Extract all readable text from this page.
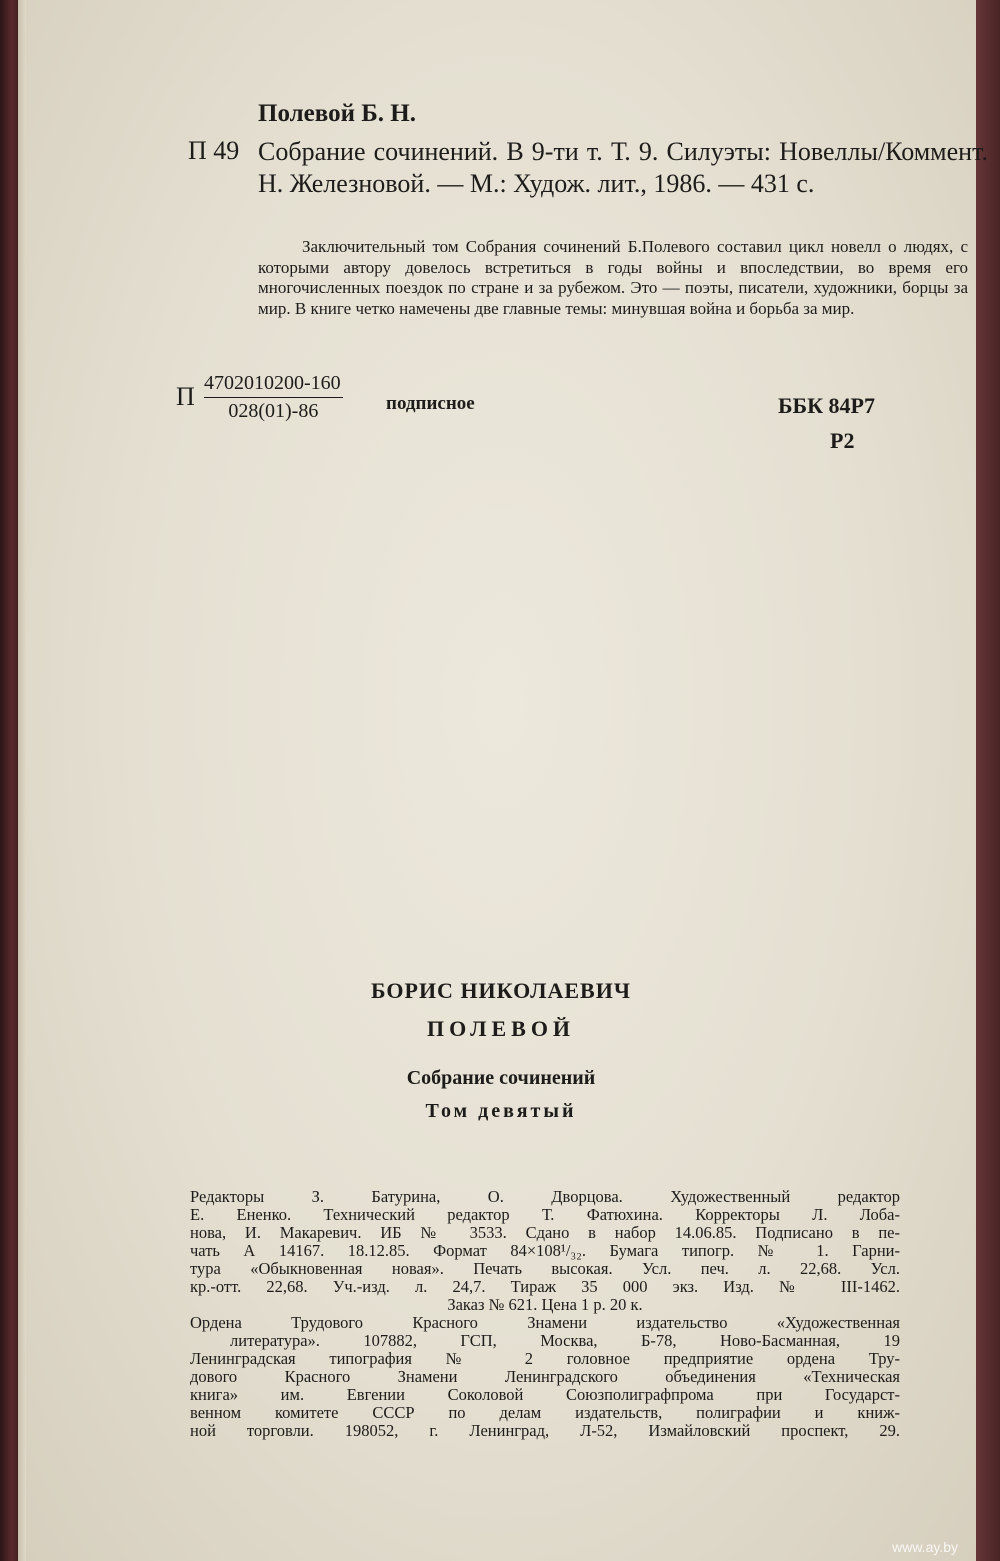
Полевой Б. Н.
П 49 Собрание сочинений. В 9-ти т. Т. 9. Силуэты: Новеллы/Коммент. Н. Железновой. — М.: Худож. лит., 1986. — 431 с.
Заключительный том Собрания сочинений Б.Полевого составил цикл новелл о людях, с которыми автору довелось встретиться в годы войны и впоследствии, во время его многочисленных поездок по стране и за рубежом. Это — поэты, писатели, художники, борцы за мир. В книге четко намечены две главные темы: минувшая война и борьба за мир.
П $\frac{4702010200-160}{028(01)-86}$ подписное	ББК 84Р7
Р2
БОРИС НИКОЛАЕВИЧ
ПОЛЕВОЙ
Собрание сочинений
Том девятый
Редакторы З. Батурина, О. Дворцова. Художественный редактор
Е. Ененко. Технический редактор Т. Фатюхина. Корректоры Л. Лоба-
нова, И. Макаревич. ИБ № 3533. Сдано в набор 14.06.85. Подписано в пе-
чать А 14167. 18.12.85. Формат 84×108¹/₃₂. Бумага типогр. № 1. Гарни-
тура «Обыкновенная новая». Печать высокая. Усл. печ. л. 22,68. Усл.
кр.-отт. 22,68. Уч.-изд. л. 24,7. Тираж 35 000 экз. Изд. № III-1462.
Заказ № 621. Цена 1 р. 20 к.
Ордена Трудового Красного Знамени издательство «Художественная
литература». 107882, ГСП, Москва, Б-78, Ново-Басманная, 19
Ленинградская типография № 2 головное предприятие ордена Тру-
дового Красного Знамени Ленинградского объединения «Техническая
книга» им. Евгении Соколовой Союзполиграфпрома при Государст-
венном комитете СССР по делам издательств, полиграфии и книж-
ной торговли. 198052, г. Ленинград, Л-52, Измайловский проспект, 29.
www.ay.by
